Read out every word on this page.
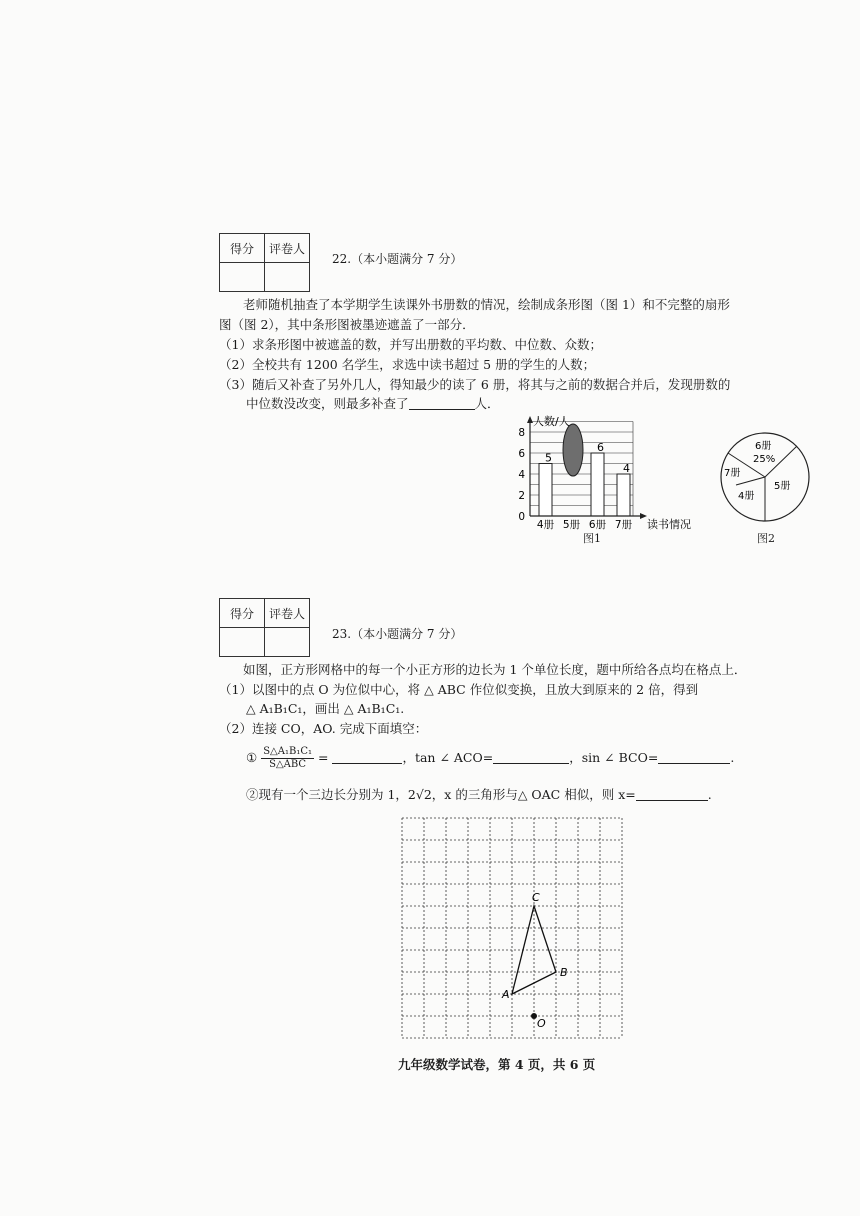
得分	评卷人

22.（本小题满分 7 分）
老师随机抽查了本学期学生读课外书册数的情况，绘制成条形图（图 1）和不完整的扇形
图（图 2），其中条形图被墨迹遮盖了一部分．
（1）求条形图中被遮盖的数，并写出册数的平均数、中位数、众数；
（2）全校共有 1200 名学生，求选中读书超过 5 册的学生的人数；
（3）随后又补查了另外几人，得知最少的读了 6 册，将其与之前的数据合并后，发现册数的
中位数没改变，则最多补查了	人．
人数/人
读书情况
0
2
4
6
8
4册 5册 6册 7册
5
6
4
图1
6册
25%
5册
4册
7册
图2
得分	评卷人

23.（本小题满分 7 分）
如图，正方形网格中的每一个小正方形的边长为 1 个单位长度，题中所给各点均在格点上．
（1）以图中的点 O 为位似中心，将 △ ABC 作位似变换，且放大到原来的 2 倍，得到
△ A₁B₁C₁，画出 △ A₁B₁C₁.
（2）连接 CO，AO. 完成下面填空：
① $\frac{\text{S△A₁B₁C₁}}{\text{S△ABC}}$ =	，tan ∠ ACO=	，sin ∠ BCO=	.
②现有一个三边长分别为 1，2√2，x 的三角形与△ OAC 相似，则 x=	.
A
B
C
O
九年级数学试卷，第 4 页，共 6 页
